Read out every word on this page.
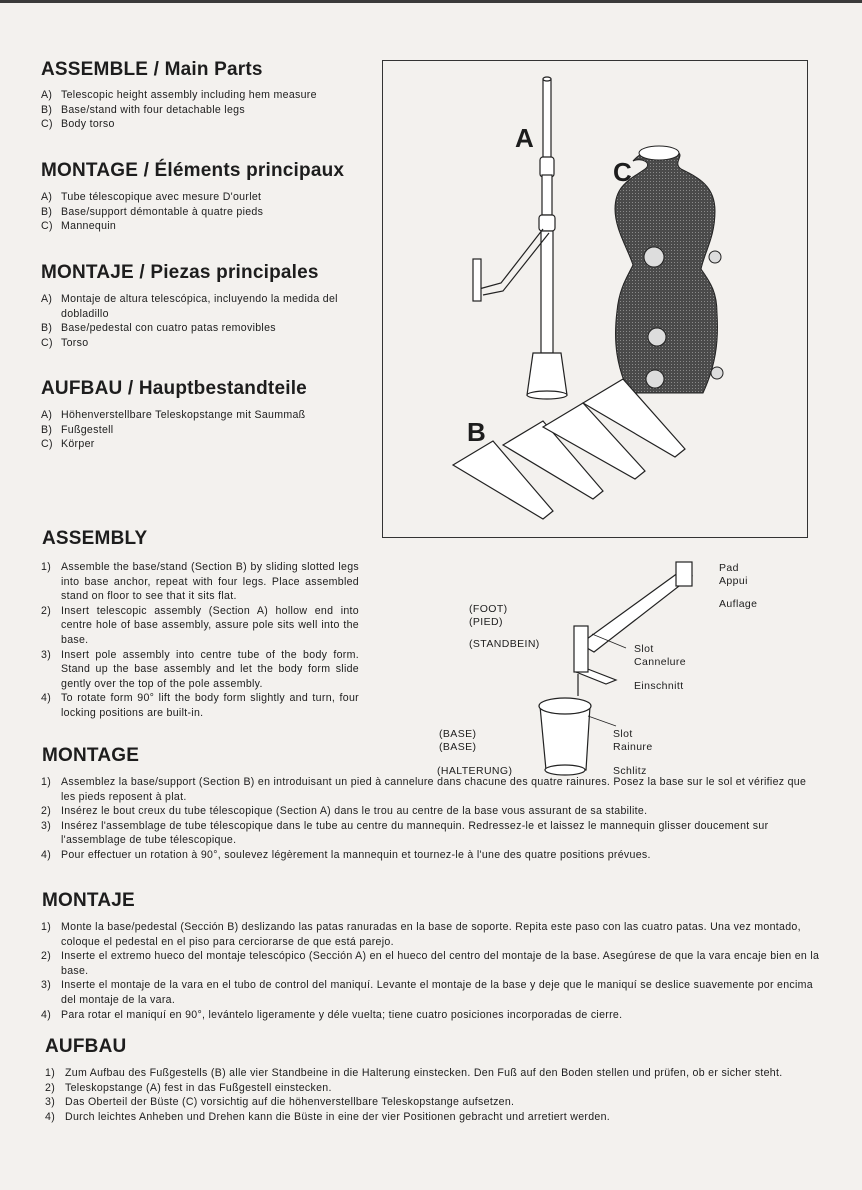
ASSEMBLE / Main Parts
A) Telescopic height assembly including hem measure
B) Base/stand with four detachable legs
C) Body torso
MONTAGE / Éléments principaux
A) Tube télescopique avec mesure D'ourlet
B) Base/support démontable à quatre pieds
C) Mannequin
MONTAJE / Piezas principales
A) Montaje de altura telescópica, incluyendo la medida del dobladillo
B) Base/pedestal con cuatro patas removibles
C) Torso
AUFBAU / Hauptbestandteile
A) Höhenverstellbare Teleskopstange mit Saummaß
B) Fußgestell
C) Körper
A
C
B
(FOOT)
(PIED)
(STANDBEIN)
Pad
Appui
Auflage
Slot
Cannelure
Einschnitt
(BASE)
(BASE)
(HALTERUNG)
Slot
Rainure
Schlitz
ASSEMBLY
1) Assemble the base/stand (Section B) by sliding slotted legs into base anchor, repeat with four legs. Place assembled stand on floor to see that it sits flat.
2) Insert telescopic assembly (Section A) hollow end into centre hole of base assembly, assure pole sits well into the base.
3) Insert pole assembly into centre tube of the body form. Stand up the base assembly and let the body form slide gently over the top of the pole assembly.
4) To rotate form 90° lift the body form slightly and turn, four locking positions are built-in.
MONTAGE
1) Assemblez la base/support (Section B) en introduisant un pied à cannelure dans chacune des quatre rainures. Posez la base sur le sol et vérifiez que les pieds reposent à plat.
2) Insérez le bout creux du tube télescopique (Section A) dans le trou au centre de la base vous assurant de sa stabilite.
3) Insérez l'assemblage de tube télescopique dans le tube au centre du mannequin. Redressez-le et laissez le mannequin glisser doucement sur l'assemblage de tube télescopique.
4) Pour effectuer un rotation à 90°, soulevez légèrement la mannequin et tournez-le à l'une des quatre positions prévues.
MONTAJE
1) Monte la base/pedestal (Sección B) deslizando las patas ranuradas en la base de soporte. Repita este paso con las cuatro patas. Una vez montado, coloque el pedestal en el piso para cerciorarse de que está parejo.
2) Inserte el extremo hueco del montaje telescópico (Sección A) en el hueco del centro del montaje de la base. Asegúrese de que la vara encaje bien en la base.
3) Inserte el montaje de la vara en el tubo de control del maniquí. Levante el montaje de la base y deje que le maniquí se deslice suavemente por encima del montaje de la vara.
4) Para rotar el maniquí en 90°, levántelo ligeramente y déle vuelta; tiene cuatro posiciones incorporadas de cierre.
AUFBAU
1) Zum Aufbau des Fußgestells (B) alle vier Standbeine in die Halterung einstecken. Den Fuß auf den Boden stellen und prüfen, ob er sicher steht.
2) Teleskopstange (A) fest in das Fußgestell einstecken.
3) Das Oberteil der Büste (C) vorsichtig auf die höhenverstellbare Teleskopstange aufsetzen.
4) Durch leichtes Anheben und Drehen kann die Büste in eine der vier Positionen gebracht und arretiert werden.
